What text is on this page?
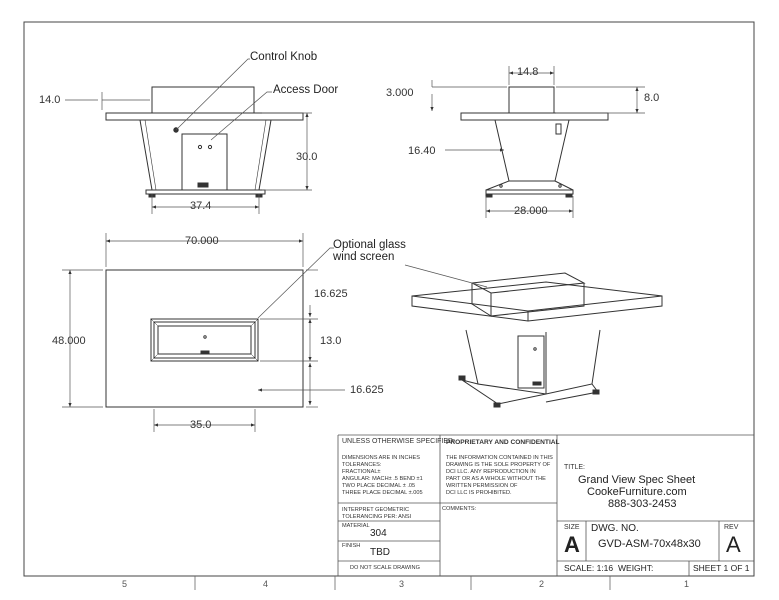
Control Knob
Access Door
Optional glass
wind screen
14.0
30.0
37.4
14.8
3.000	8.0
16.40
28.000
70.000
48.000
16.625
13.0
16.625
35.0
UNLESS OTHERWISE SPECIFIED:
DIMENSIONS ARE IN INCHES
TOLERANCES:
FRACTIONAL±
ANGULAR: MACH± .5 BEND ±1
TWO PLACE DECIMAL ± .05
THREE PLACE DECIMAL ±.005
INTERPRET GEOMETRIC
TOLERANCING PER: ANSI
MATERIAL
304
FINISH
TBD
DO NOT SCALE DRAWING
PROPRIETARY AND CONFIDENTIAL
THE INFORMATION CONTAINED IN THIS
DRAWING IS THE SOLE PROPERTY OF
DCI LLC. ANY REPRODUCTION IN
PART OR AS A WHOLE WITHOUT THE
WRITTEN PERMISSION OF
DCI LLC IS PROHIBITED.
COMMENTS:
TITLE:
Grand View Spec Sheet
CookeFurniture.com
888-303-2453
SIZE
A
DWG. NO.
GVD-ASM-70x48x30
REV
A
SCALE: 1:16 WEIGHT:	SHEET 1 OF 1
5	4	3	2	1
